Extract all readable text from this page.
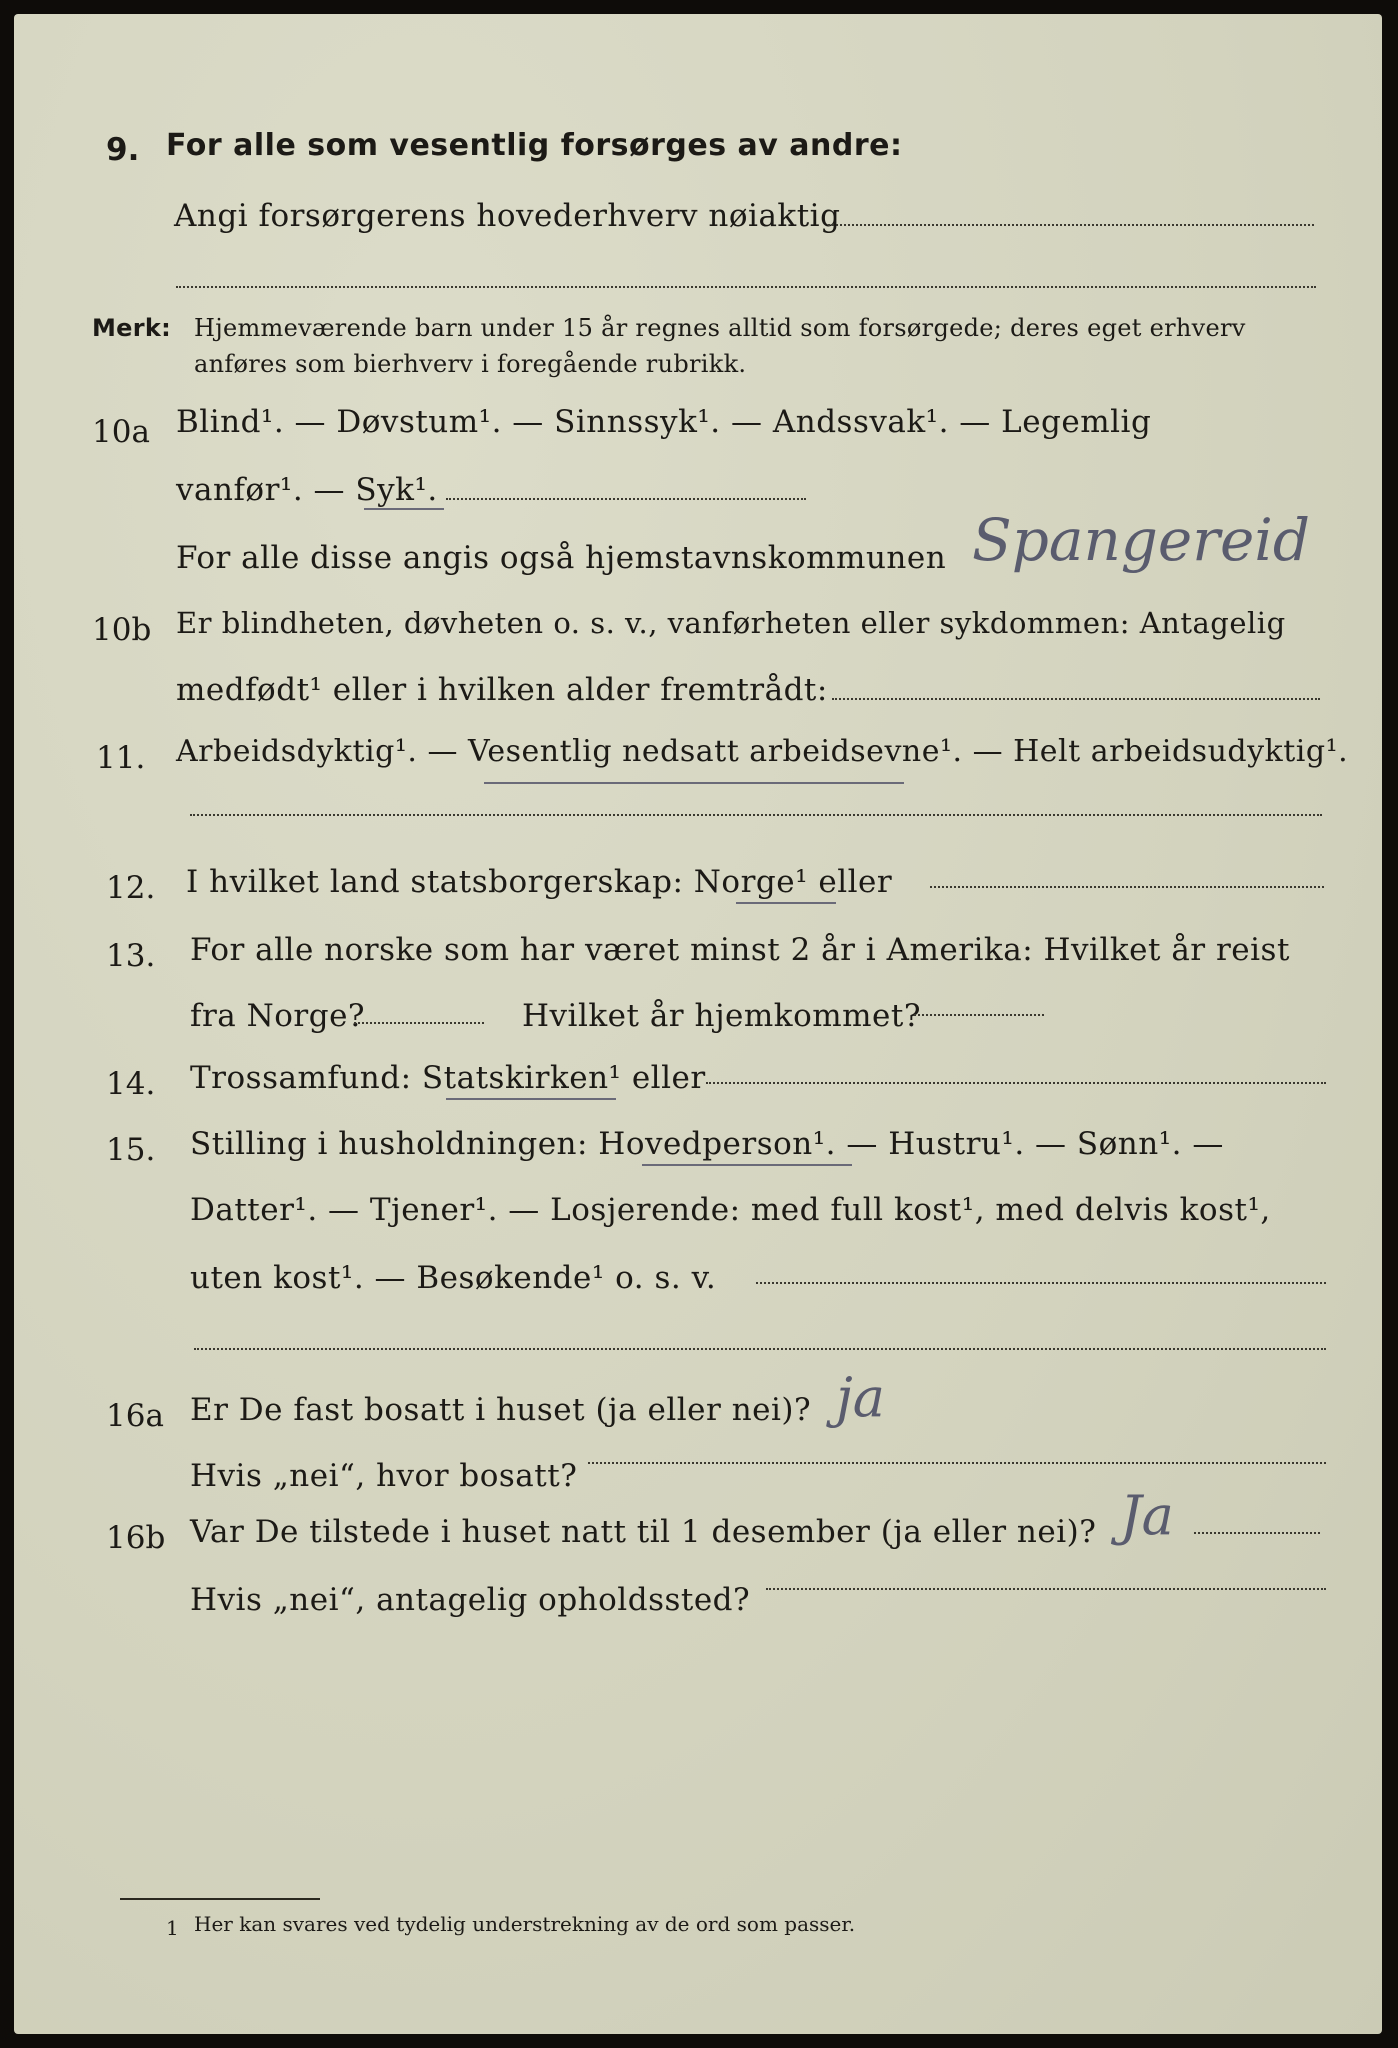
9. For alle som vesentlig forsørges av andre:
Angi forsørgerens hovederhverv nøiaktig
Merk: Hjemmeværende barn under 15 år regnes alltid som forsørgede; deres eget erhverv
anføres som bierhverv i foregående rubrikk.
10a Blind¹. — Døvstum¹. — Sinnssyk¹. — Andssvak¹. — Legemlig
vanfør¹. — Syk¹.
For alle disse angis også hjemstavnskommunen Spangereid
10b Er blindheten, døvheten o. s. v., vanførheten eller sykdommen: Antagelig
medfødt¹ eller i hvilken alder fremtrådt:
11. Arbeidsdyktig¹. — Vesentlig nedsatt arbeidsevne¹. — Helt arbeidsudyktig¹.
12. I hvilket land statsborgerskap: Norge¹ eller
13. For alle norske som har været minst 2 år i Amerika: Hvilket år reist
fra Norge?	Hvilket år hjemkommet?
14. Trossamfund: Statskirken¹ eller
15. Stilling i husholdningen: Hovedperson¹. — Hustru¹. — Sønn¹. —
Datter¹. — Tjener¹. — Losjerende: med full kost¹, med delvis kost¹,
uten kost¹. — Besøkende¹ o. s. v.
16a Er De fast bosatt i huset (ja eller nei)? ja
Hvis „nei“, hvor bosatt?
16b Var De tilstede i huset natt til 1 desember (ja eller nei)? Ja
Hvis „nei“, antagelig opholdssted?
1 Her kan svares ved tydelig understrekning av de ord som passer.
